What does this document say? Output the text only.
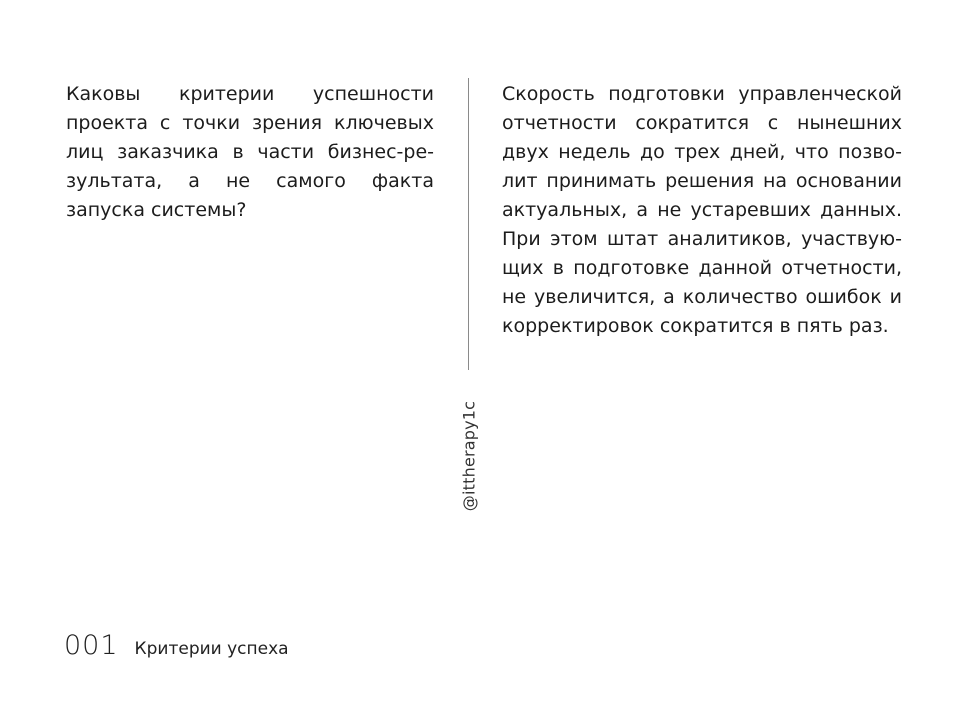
Каковы критерии успешности проекта с точки зрения ключевых лиц заказчика в части бизнес-ре-зультата, а не самого факта запуска системы?

@ittherapy1c

Скорость подготовки управленческой отчетности сократится с нынешних двух недель до трех дней, что позво-лит принимать решения на основании актуальных, а не устаревших данных. При этом штат аналитиков, участвую-щих в подготовке данной отчетности, не увеличится, а количество ошибок и корректировок сократится в пять раз.

001 Критерии успеха
